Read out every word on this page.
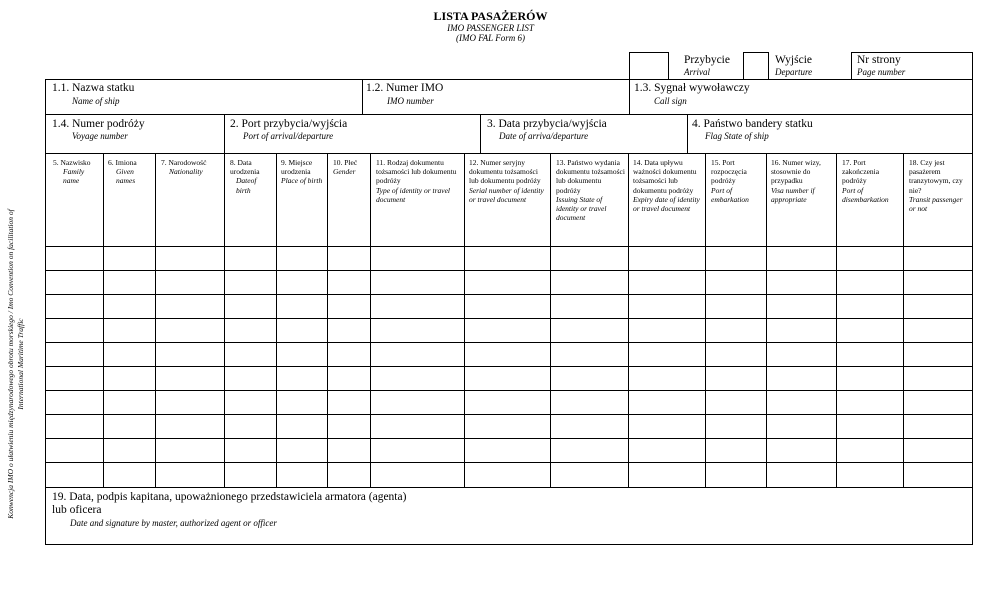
LISTA PASAŻERÓW
IMO PASSENGER LIST
(IMO FAL Form 6)
Przybycie
Arrival
Wyjście
Departure
Nr strony
Page number
1.1. Nazwa statku
Name of ship
1.2. Numer IMO
IMO number
1.3. Sygnał wywoławczy
Call sign
1.4. Numer podróży
Voyage number
2. Port przybycia/wyjścia
Port of arrival/departure
3. Data przybycia/wyjścia
Date of arriva/departure
4. Państwo bandery statku
Flag State of ship
5. Nazwisko
Family name
6. Imiona
Given names
7. Narodowość
Nationality
8. Data urodzenia
Dateof birth
9. Miejsce urodzenia
Place of birth
10. Płeć
Gender
11. Rodzaj dokumentu tożsamości lub dokumentu podróży
Type of identity or travel document
12. Numer seryjny dokumentu tożsamości lub dokumentu podróży
Serial number of identity or travel document
13. Państwo wydania dokumentu tożsamości lub dokumentu podróży
Issuing State of identity or travel document
14. Data upływu ważności dokumentu tożsamości lub dokumentu podróży
Expiry date of identity or travel document
15. Port rozpoczęcia podróży
Port of embarkation
16. Numer wizy, stosownie do przypadku
Visa number if appropriate
17. Port zakończenia podróży
Port of disembarkation
18. Czy jest pasażerem tranzytowym, czy nie?
Transit passenger or not
19. Data, podpis kapitana, upoważnionego przedstawiciela armatora (agenta)
lub oficera
Date and signature by master, authorized agent or officer
Konwencja IMO o ułatwieniu międzynarodowego obrotu morskiego / Imo Convention on facilitation of
International Maritime Traffic
